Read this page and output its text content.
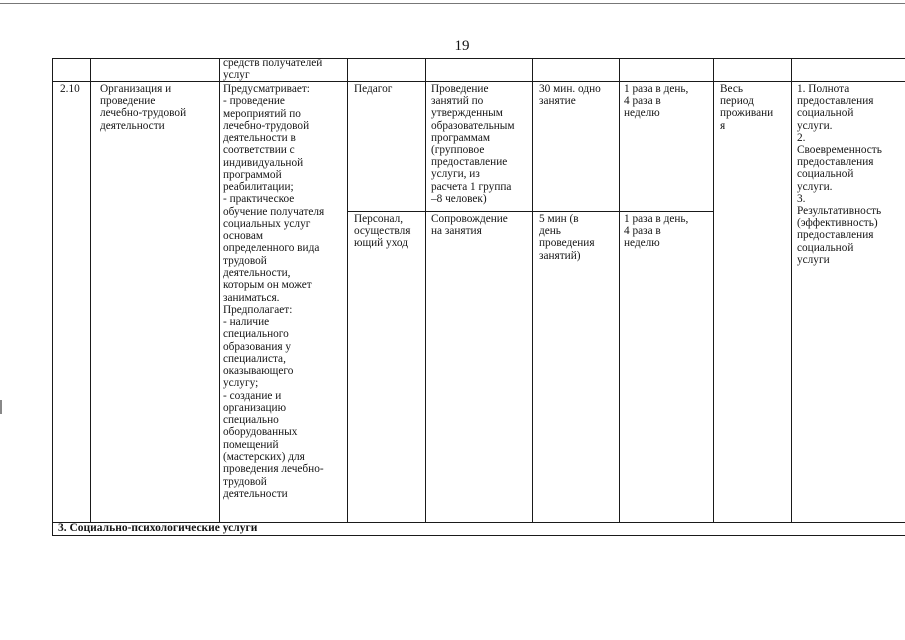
19
средств получателей
услуг
2.10 Организация и
проведение
лечебно-трудовой
деятельности
Предусматривает:
- проведение
мероприятий по
лечебно-трудовой
деятельности в
соответствии с
индивидуальной
программой
реабилитации;
- практическое
обучение получателя
социальных услуг
основам
определенного вида
трудовой
деятельности,
которым он может
заниматься.
Предполагает:
- наличие
специального
образования у
специалиста,
оказывающего
услугу;
- создание и
организацию
специально
оборудованных
помещений
(мастерских) для
проведения лечебно-
трудовой
деятельности
Педагог	Проведение
занятий по
утвержденным
образовательным
программам
(групповое
предоставление
услуги, из
расчета 1 группа
–8 человек)
30 мин. одно
занятие
1 раза в день,
4 раза в
неделю
Персонал,
осуществля
ющий уход
Сопровождение
на занятия
5 мин (в
день
проведения
занятий)
1 раза в день,
4 раза в
неделю
Весь
период
проживани
я
1. Полнота
предоставления
социальной
услуги.
2.
Своевременность
предоставления
социальной
услуги.
3.
Результативность
(эффективность)
предоставления
социальной
услуги
3. Социально-психологические услуги
